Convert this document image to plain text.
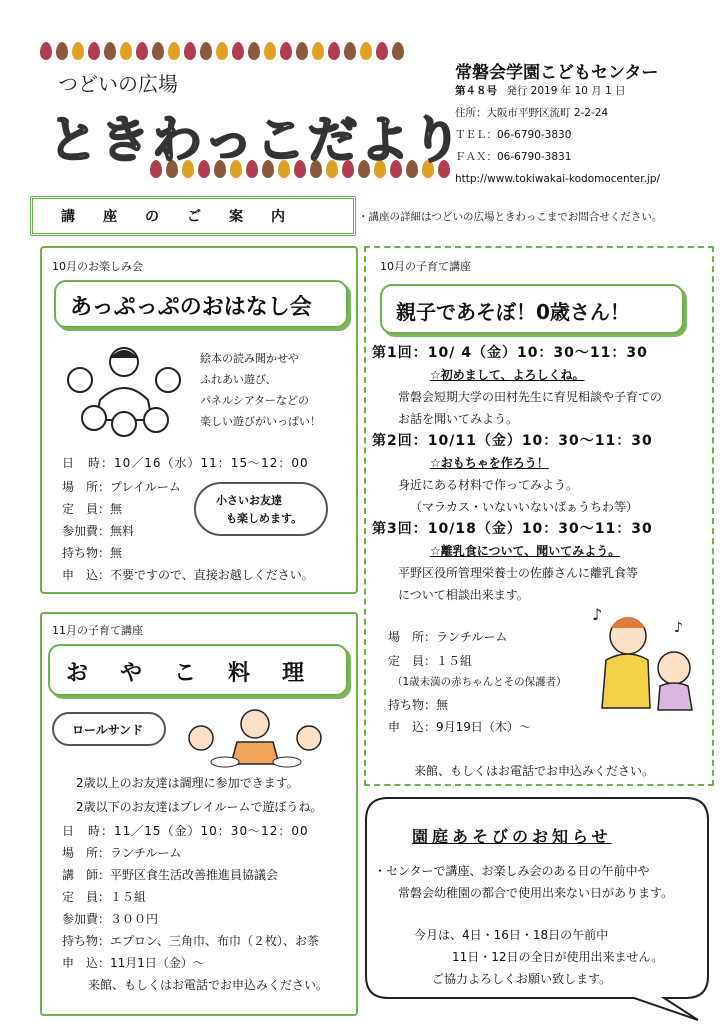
つどいの広場
ときわっこだより
常磐会学園こどもセンター
第４８号 発行 2019 年 10 月 1 日
住所：大阪市平野区流町 2-2-24
ＴＥＬ：06-6790-3830
ＦＡＸ：06-6790-3831
http://www.tokiwakai-kodomocenter.jp/
講座のご案内	・講座の詳細はつどいの広場ときわっこまでお問合せください。
10月のお楽しみ会
あっぷっぷのおはなし会
絵本の読み聞かせや
ふれあい遊び、
パネルシアターなどの
楽しい遊びがいっぱい！
日　時：10／16（水）11：15～12：00
場　所：プレイルーム
定　員：無
参加費：無料
持ち物：無
申　込：不要ですので、直接お越しください。
小さいお友達
も楽しめます。
11月の子育て講座
おやこ料理
ロールサンド
2歳以上のお友達は調理に参加できます。
2歳以下のお友達はプレイルームで遊ぼうね。
日　時：11／15（金）10：30～12：00
場　所：ランチルーム
講　師：平野区食生活改善推進員協議会
定　員：１５組
参加費：３００円
持ち物：エプロン、三角巾、布巾（２枚）、お茶
申　込：11月1日（金）～
来館、もしくはお電話でお申込みください。
10月の子育て講座
親子であそぼ！0歳さん！
第1回：10/ 4（金）10：30～11：30
☆初めまして、よろしくね。
常磐会短期大学の田村先生に育児相談や子育ての
お話を聞いてみよう。
第2回：10/11（金）10：30～11：30
☆おもちゃを作ろう！
身近にある材料で作ってみよう。
（マラカス・いないいないばぁうちわ等）
第3回：10/18（金）10：30～11：30
☆離乳食について、聞いてみよう。
平野区役所管理栄養士の佐藤さんに離乳食等
について相談出来ます。
♪
♪
場　所：ランチルーム
定　員：１５組
（1歳未満の赤ちゃんとその保護者）
持ち物：無
申　込：9月19日（木）～
来館、もしくはお電話でお申込みください。
園庭あそびのお知らせ
・センターで講座、お楽しみ会のある日の午前中や
常磐会幼稚園の都合で使用出来ない日があります。
今月は、4日・16日・18日の午前中
11日・12日の全日が使用出来ません。
ご協力よろしくお願い致します。
